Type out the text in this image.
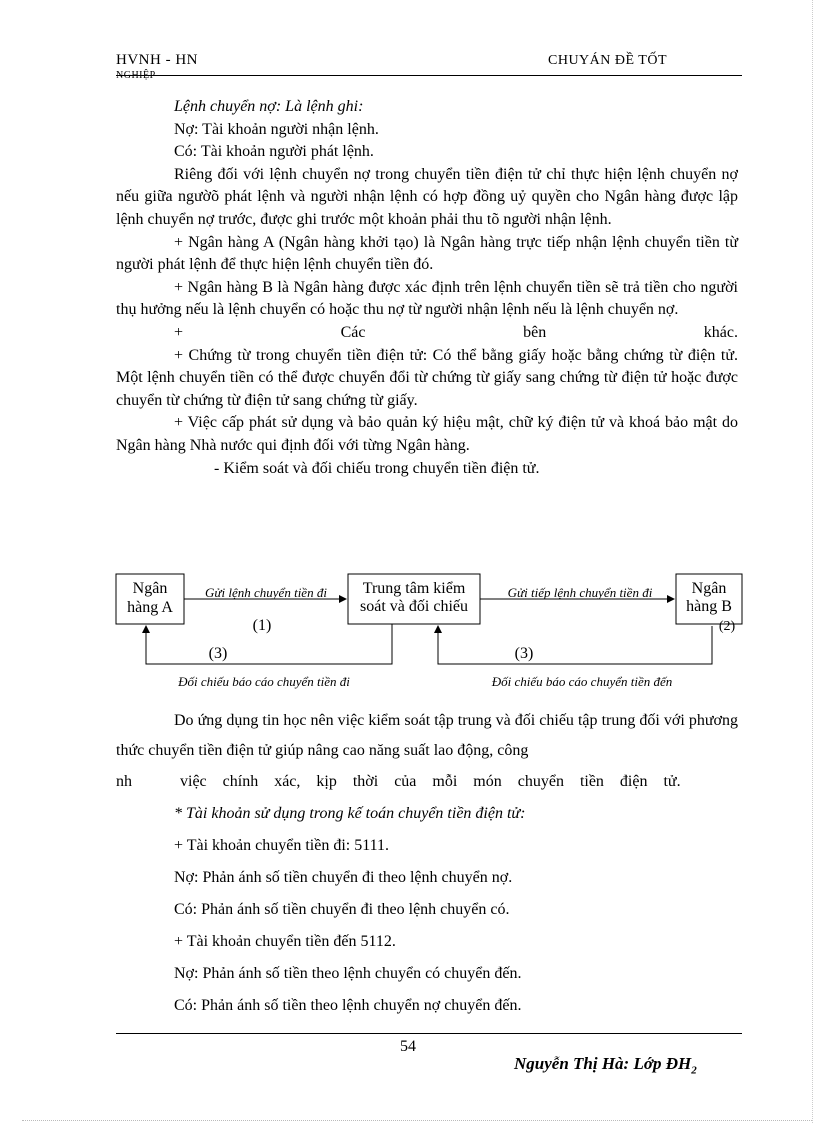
HVNH - HN
NGHIỆP
CHUYÁN ĐỀ TỐT

Lệnh chuyển nợ: Là lệnh ghi:

Nợ: Tài khoản người nhận lệnh.

Có: Tài khoản người phát lệnh.

Riêng đối với lệnh chuyển nợ trong chuyển tiền điện tử chỉ thực hiện lệnh chuyển nợ nếu giữa ngườõ phát lệnh và người nhận lệnh có hợp đồng uỷ quyền cho Ngân hàng được lập lệnh chuyển nợ trước, được ghi trước một khoản phải thu tõ người nhận lệnh.

+ Ngân hàng A (Ngân hàng khởi tạo) là Ngân hàng trực tiếp nhận lệnh chuyển tiền từ người phát lệnh để thực hiện lệnh chuyển tiền đó.

+ Ngân hàng B là Ngân hàng được xác định trên lệnh chuyển tiền sẽ trả tiền cho người thụ hưởng nếu là lệnh chuyển có hoặc thu nợ từ người nhận lệnh nếu là lệnh chuyển nợ.

+	Các	bên	khác.

+ Chứng từ trong chuyển tiền điện tử: Có thể bằng giấy hoặc bằng chứng từ điện tử. Một lệnh chuyển tiền có thể được chuyển đổi từ chứng từ giấy sang chứng từ điện tử hoặc được chuyển từ chứng từ điện tử sang chứng từ giấy.

+ Việc cấp phát sử dụng và bảo quản ký hiệu mật, chữ ký điện tử và khoá bảo mật do Ngân hàng Nhà nước qui định đối với từng Ngân hàng.

- Kiểm soát và đối chiếu trong chuyển tiền điện tử.

Ngân
hàng A
Trung tâm kiểm
soát và đối chiếu
Ngân
hàng B
Gửi lệnh chuyển tiền đi	Gửi tiếp lệnh chuyển tiền đi
(1)	(2)
(3)	(3)
Đối chiếu báo cáo chuyển tiền đi	Đối chiếu báo cáo chuyển tiền đến

Do ứng dụng tin học nên việc kiểm soát tập trung và đối chiếu tập trung đối với phương thức chuyển tiền điện tử giúp nâng cao năng suất lao động, công

nh   việc chính xác, kịp thời của mỗi món chuyển tiền điện tử.

* Tài khoản sử dụng trong kế toán chuyển tiền điện tử:

+ Tài khoản chuyển tiền đi: 5111.

Nợ: Phản ánh số tiền chuyển đi theo lệnh chuyển nợ.

Có: Phản ánh số tiền chuyển đi theo lệnh chuyển có.

+ Tài khoản chuyển tiền đến 5112.

Nợ: Phản ánh số tiền theo lệnh chuyển có chuyển đến.

Có: Phản ánh số tiền theo lệnh chuyển nợ chuyển đến.

54
Nguyễn Thị Hà: Lớp $ĐH_2$
